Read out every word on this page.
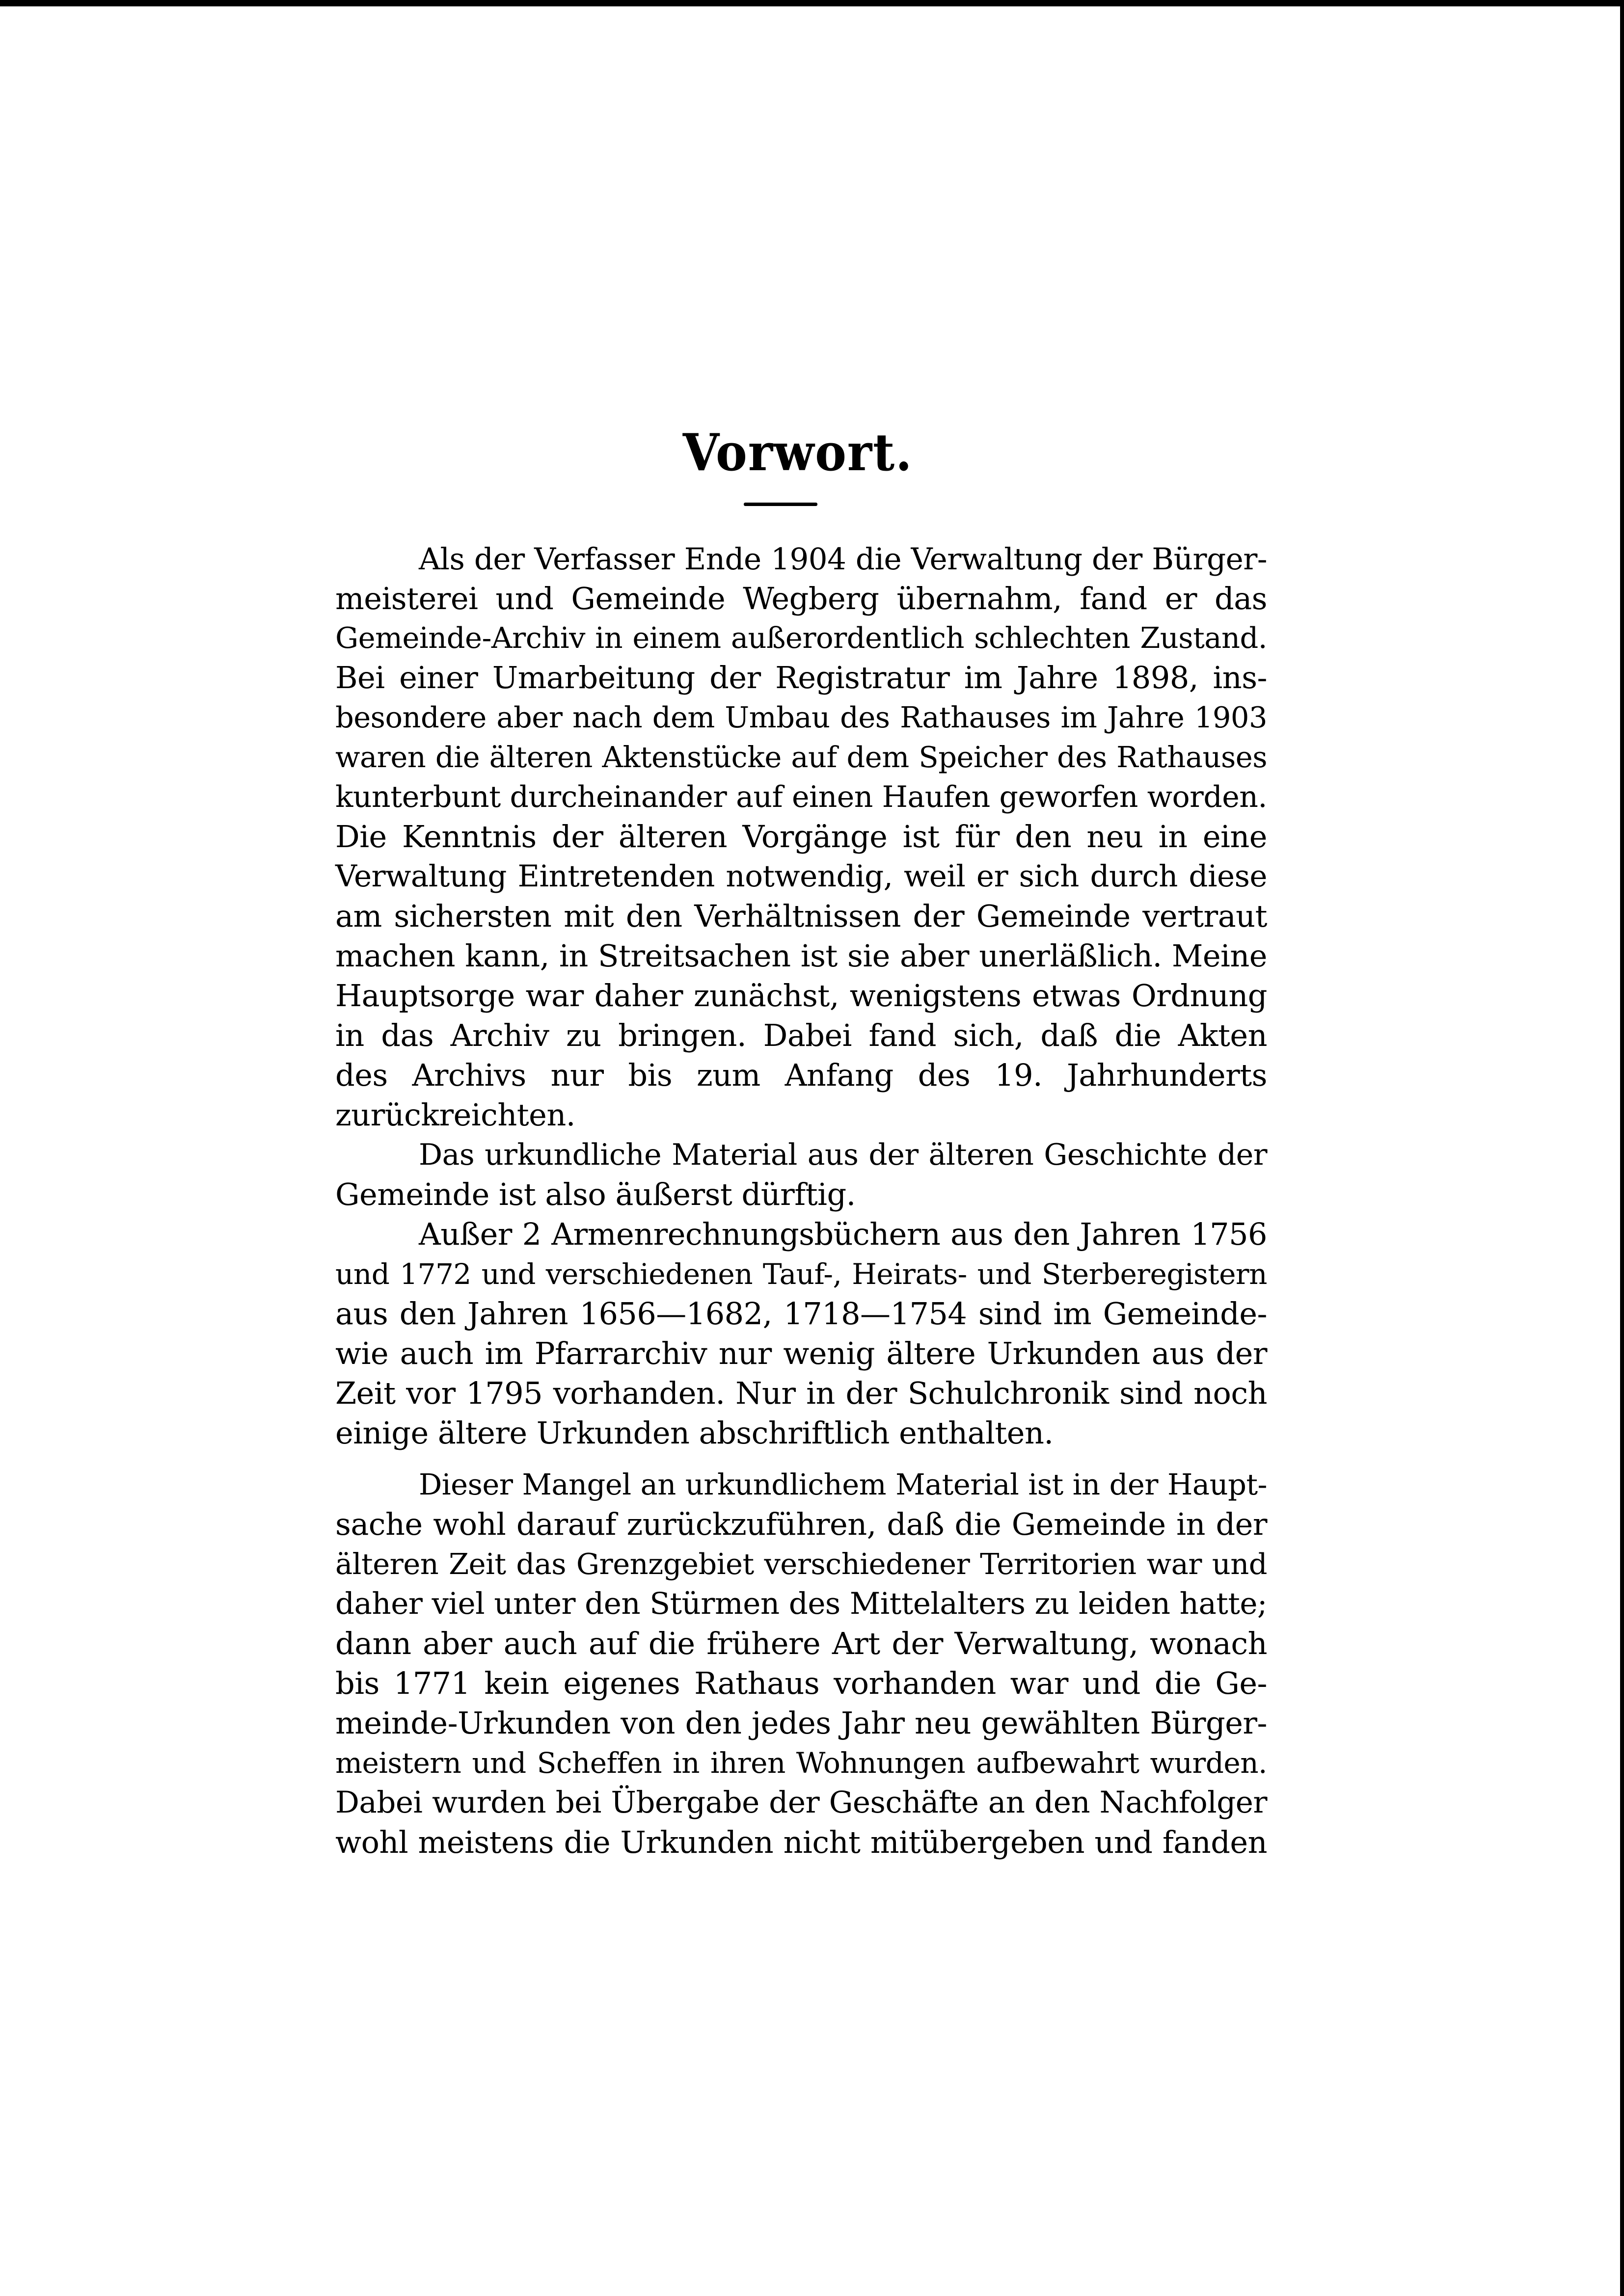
Vorwort.
Als der Verfasser Ende 1904 die Verwaltung der Bürger-
meisterei und Gemeinde Wegberg übernahm, fand er das
Gemeinde-Archiv in einem außerordentlich schlechten Zustand.
Bei einer Umarbeitung der Registratur im Jahre 1898, ins-
besondere aber nach dem Umbau des Rathauses im Jahre 1903
waren die älteren Aktenstücke auf dem Speicher des Rathauses
kunterbunt durcheinander auf einen Haufen geworfen worden.
Die Kenntnis der älteren Vorgänge ist für den neu in eine
Verwaltung Eintretenden notwendig, weil er sich durch diese
am sichersten mit den Verhältnissen der Gemeinde vertraut
machen kann, in Streitsachen ist sie aber unerläßlich. Meine
Hauptsorge war daher zunächst, wenigstens etwas Ordnung
in das Archiv zu bringen. Dabei fand sich, daß die Akten
des Archivs nur bis zum Anfang des 19. Jahrhunderts
zurückreichten.
Das urkundliche Material aus der älteren Geschichte der
Gemeinde ist also äußerst dürftig.
Außer 2 Armenrechnungsbüchern aus den Jahren 1756
und 1772 und verschiedenen Tauf-, Heirats- und Sterberegistern
aus den Jahren 1656—1682, 1718—1754 sind im Gemeinde-
wie auch im Pfarrarchiv nur wenig ältere Urkunden aus der
Zeit vor 1795 vorhanden. Nur in der Schulchronik sind noch
einige ältere Urkunden abschriftlich enthalten.
Dieser Mangel an urkundlichem Material ist in der Haupt-
sache wohl darauf zurückzuführen, daß die Gemeinde in der
älteren Zeit das Grenzgebiet verschiedener Territorien war und
daher viel unter den Stürmen des Mittelalters zu leiden hatte;
dann aber auch auf die frühere Art der Verwaltung, wonach
bis 1771 kein eigenes Rathaus vorhanden war und die Ge-
meinde-Urkunden von den jedes Jahr neu gewählten Bürger-
meistern und Scheffen in ihren Wohnungen aufbewahrt wurden.
Dabei wurden bei Übergabe der Geschäfte an den Nachfolger
wohl meistens die Urkunden nicht mitübergeben und fanden
